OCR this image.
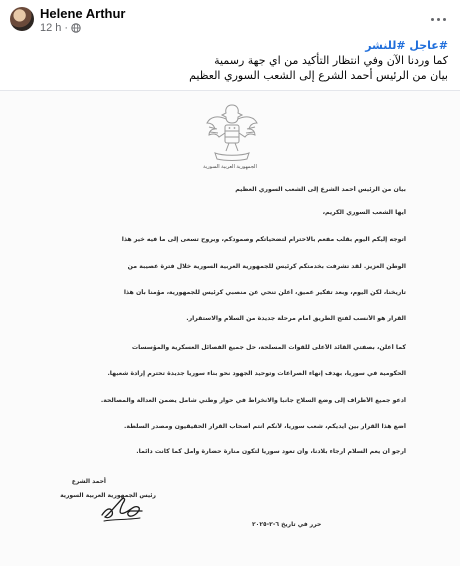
Helene Arthur
12 h ·
#عاجل #للنشر
كما وردنا الآن وفي انتظار التأكيد من اي جهة رسمية
بيان من الرئيس أحمد الشرع إلى الشعب السوري العظيم
الجمهورية العربية السورية

بيان من الرئيس أحمد الشرع إلى الشعب السوري العظيم

أيها الشعب السوري الكريم،

أتوجه إليكم اليوم بقلب مفعم بالاحترام لتضحياتكم وصمودكم، وبروح تسعى إلى ما فيه خير هذا

الوطن العزيز. لقد تشرفت بخدمتكم كرئيس للجمهورية العربية السورية خلال فترة عصيبة من

تاريخنا، لكن اليوم، وبعد تفكير عميق، أعلن تنحي عن منصبي كرئيس للجمهورية، مؤمناً بأن هذا

القرار هو الأنسب لفتح الطريق أمام مرحلة جديدة من السلام والاستقرار.

كما أعلن، بصفتي القائد الأعلى للقوات المسلحة، حل جميع الفصائل العسكرية والمؤسسات

الحكومية في سوريا، بهدف إنهاء الصراعات وتوحيد الجهود نحو بناء سوريا جديدة تحترم إرادة شعبها.

أدعو جميع الأطراف إلى وضع السلاح جانباً والانخراط في حوار وطني شامل يضمن العدالة والمصالحة.

أضع هذا القرار بين أيديكم، شعب سوريا، لأنكم أنتم أصحاب القرار الحقيقيون ومصدر السلطة.

أرجو أن يعم السلام أرجاء بلادنا، وأن تعود سوريا لتكون منارة حضارة وأمل كما كانت دائماً.

أحمد الشرع
رئيس الجمهورية العربية السورية
حرر في تاريخ ٦-٢-٢٠٢٥
